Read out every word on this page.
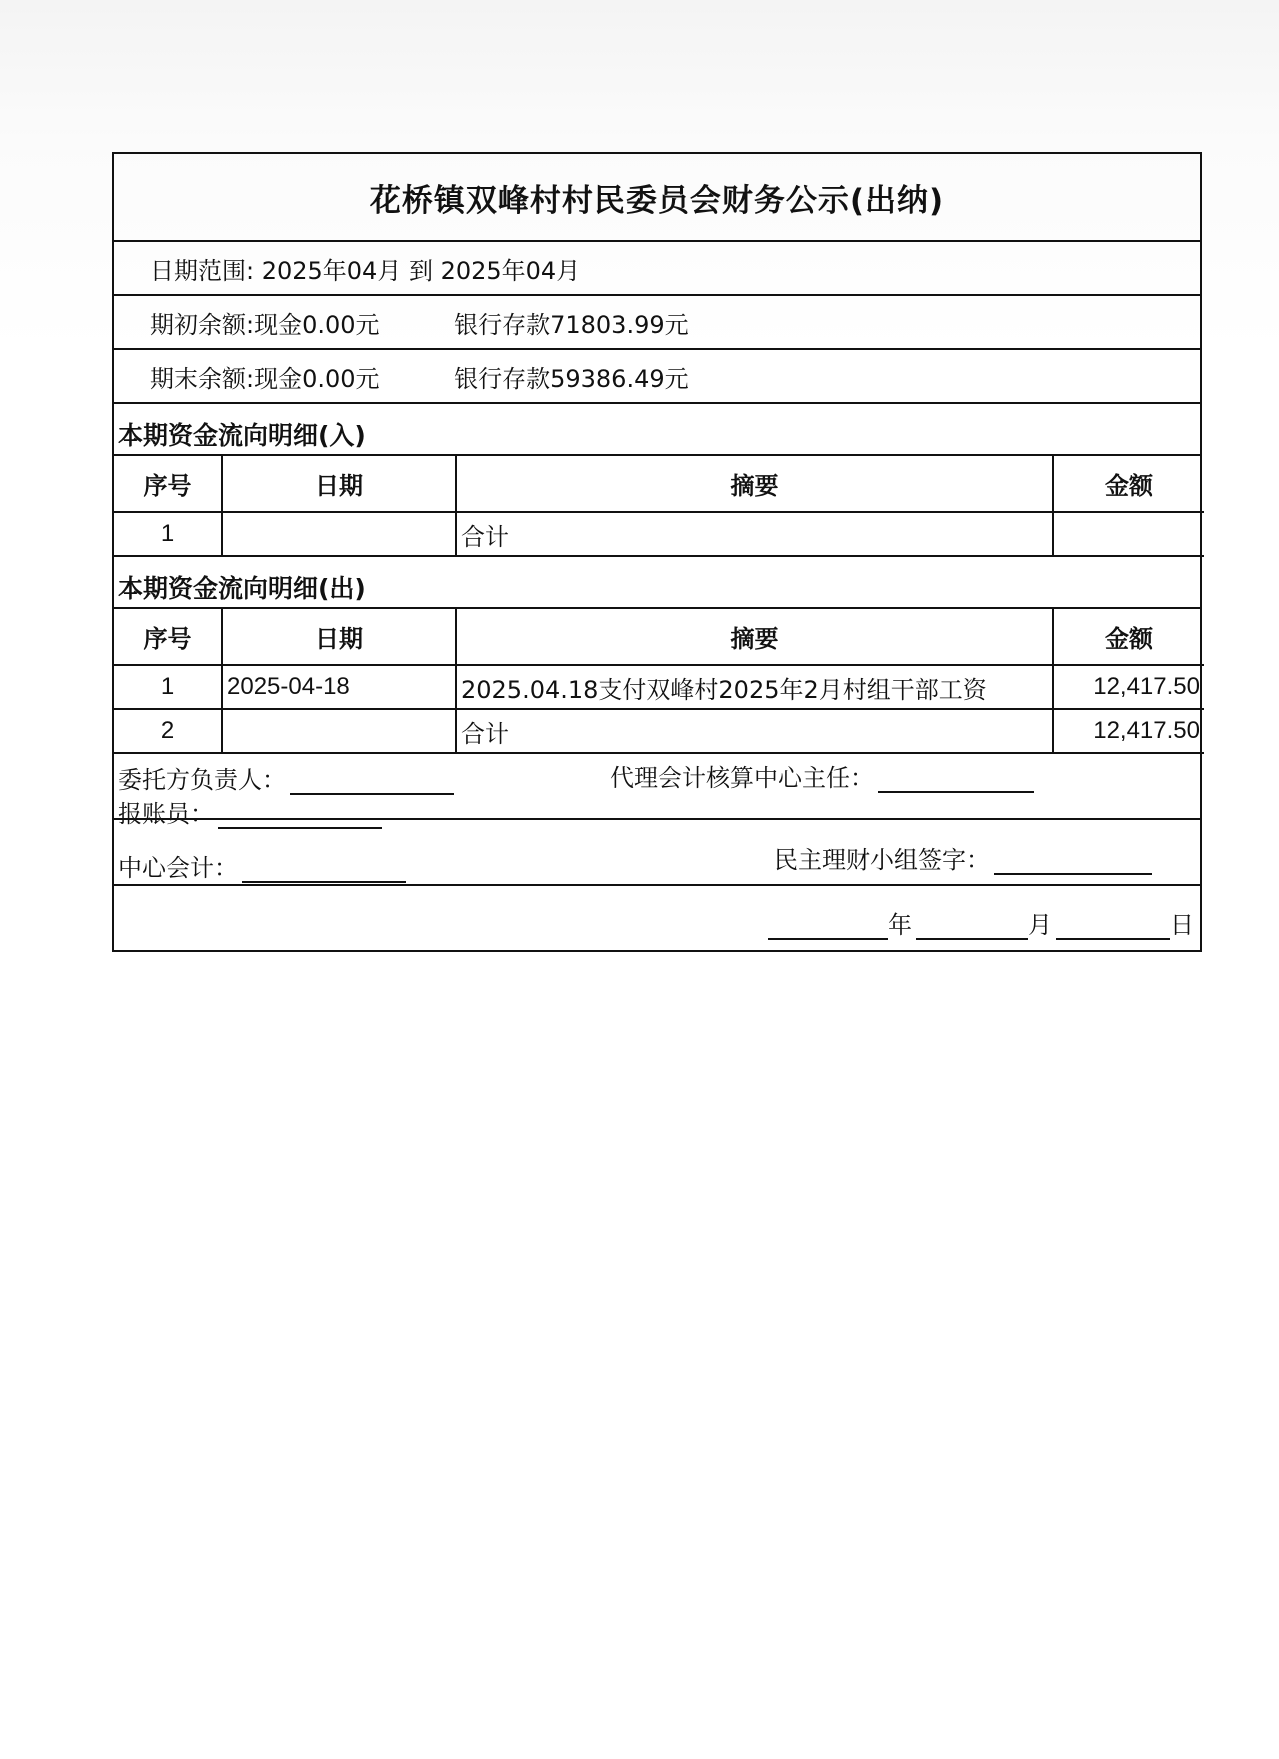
花桥镇双峰村村民委员会财务公示(出纳)
日期范围: 2025年04月 到 2025年04月
期初余额: 现金0.00元	银行存款71803.99元
期末余额: 现金0.00元	银行存款59386.49元
本期资金流向明细(入)
序号	日期	摘要	金额
1		合计	
本期资金流向明细(出)
序号	日期	摘要	金额
1	2025-04-18	2025.04.18支付双峰村2025年2月村组干部工资	12,417.50
2		合计	12,417.50
委托方负责人：	代理会计核算中心主任：
报账员：
中心会计：	民主理财小组签字：
年	月	日
